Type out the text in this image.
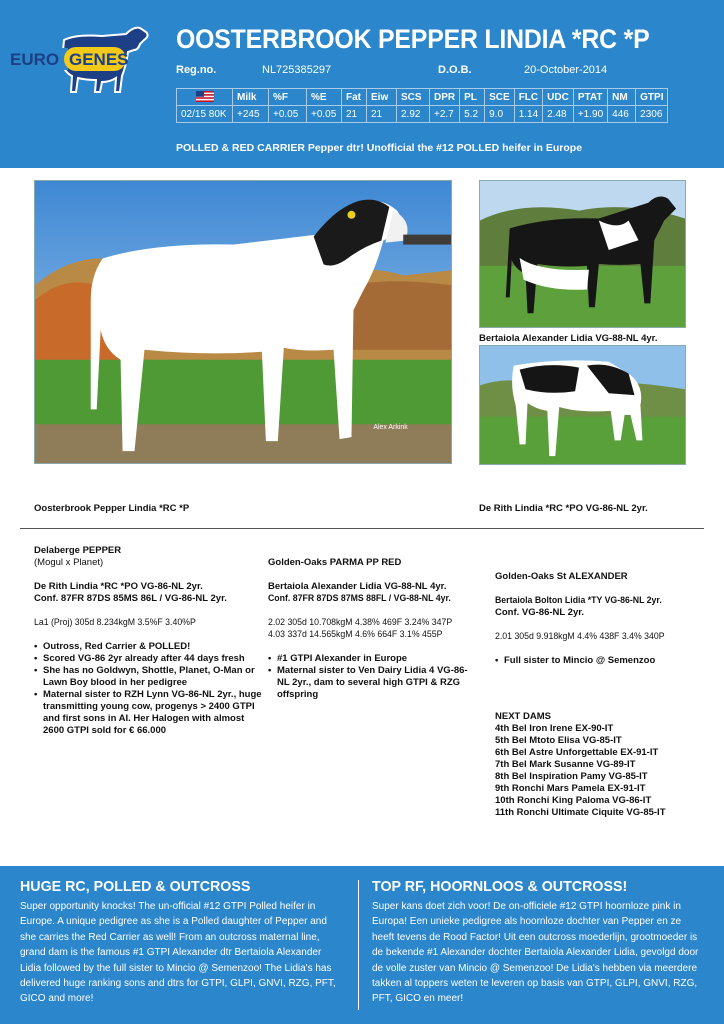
EURO GENES
OOSTERBROOK PEPPER LINDIA *RC *P
Reg.no.	NL725385297	D.O.B.	20-October-2014
	Milk	%F	%E	Fat	Eiw	SCS	DPR	PL	SCE	FLC	UDC	PTAT	NM	GTPI
02/15 80K	+245	+0.05	+0.05	21	21	2.92	+2.7	5.2	9.0	1.14	2.48	+1.90	446	2306
POLLED & RED CARRIER Pepper dtr! Unofficial the #12 POLLED heifer in Europe
Alex Arkink
Bertaiola Alexander Lidia VG-88-NL 4yr.
Oosterbrook Pepper Lindia *RC *P	De Rith Lindia *RC *PO VG-86-NL 2yr.
Delaberge PEPPER
(Mogul x Planet)
De Rith Lindia *RC *PO VG-86-NL 2yr.
Conf. 87FR 87DS 85MS 86L / VG-86-NL 2yr.
La1 (Proj) 305d 8.234kgM 3.5%F 3.40%P
• Outross, Red Carrier & POLLED!
• Scored VG-86 2yr already after 44 days fresh
• She has no Goldwyn, Shottle, Planet, O-Man or Lawn Boy blood in her pedigree
• Maternal sister to RZH Lynn VG-86-NL 2yr., huge transmitting young cow, progenys > 2400 GTPI and first sons in AI. Her Halogen with almost 2600 GTPI sold for € 66.000
Golden-Oaks PARMA PP RED
Bertaiola Alexander Lidia VG-88-NL 4yr.
Conf. 87FR 87DS 87MS 88FL / VG-88-NL 4yr.
2.02 305d 10.708kgM 4.38% 469F 3.24% 347P
4.03 337d 14.565kgM 4.6% 664F 3.1% 455P
• #1 GTPI Alexander in Europe
• Maternal sister to Ven Dairy Lidia 4 VG-86-NL 2yr., dam to several high GTPI & RZG offspring
Golden-Oaks St ALEXANDER
Bertaiola Bolton Lidia *TY VG-86-NL 2yr.
Conf. VG-86-NL 2yr.
2.01 305d 9.918kgM 4.4% 438F 3.4% 340P
• Full sister to Mincio @ Semenzoo
NEXT DAMS
4th Bel Iron Irene EX-90-IT
5th Bel Mtoto Elisa VG-85-IT
6th Bel Astre Unforgettable EX-91-IT
7th Bel Mark Susanne VG-89-IT
8th Bel Inspiration Pamy VG-85-IT
9th Ronchi Mars Pamela EX-91-IT
10th Ronchi King Paloma VG-86-IT
11th Ronchi Ultimate Ciquite VG-85-IT
HUGE RC, POLLED & OUTCROSS

Super opportunity knocks! The un-official #12 GTPI Polled heifer in Europe. A unique pedigree as she is a Polled daughter of Pepper and she carries the Red Carrier as well! From an outcross maternal line, grand dam is the famous #1 GTPI Alexander dtr Bertaiola Alexander Lidia followed by the full sister to Mincio @ Semenzoo! The Lidia's has delivered huge ranking sons and dtrs for GTPI, GLPI, GNVI, RZG, PFT, GICO and more!

TOP RF, HOORNLOOS & OUTCROSS!

Super kans doet zich voor! De on-officiele #12 GTPI hoornloze pink in Europa! Een unieke pedigree als hoornloze dochter van Pepper en ze heeft tevens de Rood Factor! Uit een outcross moederlijn, grootmoeder is de bekende #1 Alexander dochter Bertaiola Alexander Lidia, gevolgd door de volle zuster van Mincio @ Semenzoo! De Lidia's hebben via meerdere takken al toppers weten te leveren op basis van GTPI, GLPI, GNVI, RZG, PFT, GICO en meer!
